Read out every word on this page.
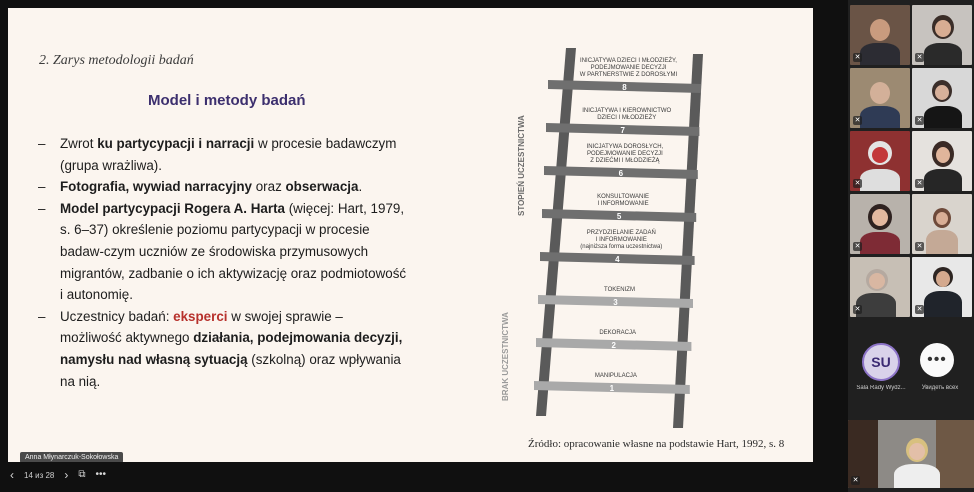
2. Zarys metodologii badań
Model i metody badań
– Zwrot ku partycypacji i narracji w procesie badawczym (grupa wrażliwa).
– Fotografia, wywiad narracyjny oraz obserwacja.
– Model partycypacji Rogera A. Harta (więcej: Hart, 1979, s. 6–37) określenie poziomu partycypacji w procesie badaw-czym uczniów ze środowiska przymusowych migrantów, zadbanie o ich aktywizację oraz podmiotowość i autonomię.
– Uczestnicy badań: eksperci w swojej sprawie – możliwość aktywnego działania, podejmowania decyzji, namysłu nad własną sytuacją (szkolną) oraz wpływania na nią.
8
INICJATYWA DZIECI I MŁODZIEŻY,
PODEJMOWANIE DECYZJI
W PARTNERSTWIE Z DOROSŁYMI
7
INICJATYWA I KIEROWNICTWO
DZIECI I MŁODZIEŻY
6
INICJATYWA DOROSŁYCH,
PODEJMOWANIE DECYZJI
Z DZIEĆMI I MŁODZIEŻĄ
5
KONSULTOWANIE
I INFORMOWANIE
4
PRZYDZIELANIE ZADAŃ
I INFORMOWANIE
(najniższa forma uczestnictwa)
3
TOKENIZM
2
DEKORACJA
1
MANIPULACJA
STOPIEŃ UCZESTNICTWA
BRAK UCZESTNICTWA
Źródło: opracowanie własne na podstawie Hart, 1992, s. 8
Anna Młynarczuk-Sokołowska
‹ 14 из 28 › ⧉ •••
✕	✕
✕	✕
✕	✕
✕	✕
✕	✕
✕
SU
Sala Rady Wydz...
•••
Увидеть всех
